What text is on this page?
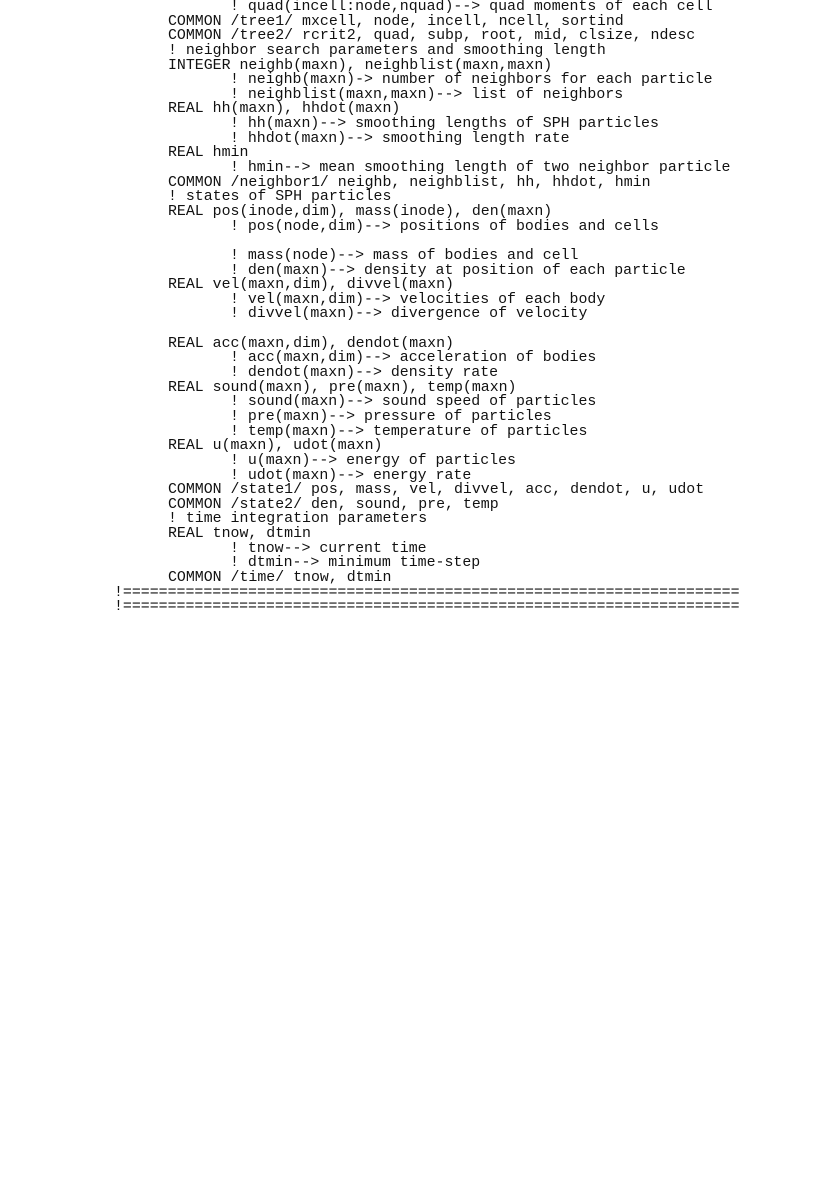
! quad(incell:node,nquad)--> quad moments of each cell
COMMON /tree1/ mxcell, node, incell, ncell, sortind
COMMON /tree2/ rcrit2, quad, subp, root, mid, clsize, ndesc
! neighbor search parameters and smoothing length
INTEGER neighb(maxn), neighblist(maxn,maxn)
! neighb(maxn)-> number of neighbors for each particle
! neighblist(maxn,maxn)--> list of neighbors
REAL hh(maxn), hhdot(maxn)
! hh(maxn)--> smoothing lengths of SPH particles
! hhdot(maxn)--> smoothing length rate
REAL hmin
! hmin--> mean smoothing length of two neighbor particle
COMMON /neighbor1/ neighb, neighblist, hh, hhdot, hmin
! states of SPH particles
REAL pos(inode,dim), mass(inode), den(maxn)
! pos(node,dim)--> positions of bodies and cells
! mass(node)--> mass of bodies and cell
! den(maxn)--> density at position of each particle
REAL vel(maxn,dim), divvel(maxn)
! vel(maxn,dim)--> velocities of each body
! divvel(maxn)--> divergence of velocity
REAL acc(maxn,dim), dendot(maxn)
! acc(maxn,dim)--> acceleration of bodies
! dendot(maxn)--> density rate
REAL sound(maxn), pre(maxn), temp(maxn)
! sound(maxn)--> sound speed of particles
! pre(maxn)--> pressure of particles
! temp(maxn)--> temperature of particles
REAL u(maxn), udot(maxn)
! u(maxn)--> energy of particles
! udot(maxn)--> energy rate
COMMON /state1/ pos, mass, vel, divvel, acc, dendot, u, udot
COMMON /state2/ den, sound, pre, temp
! time integration parameters
REAL tnow, dtmin
! tnow--> current time
! dtmin--> minimum time-step
COMMON /time/ tnow, dtmin
!=====================================================================
!=====================================================================
